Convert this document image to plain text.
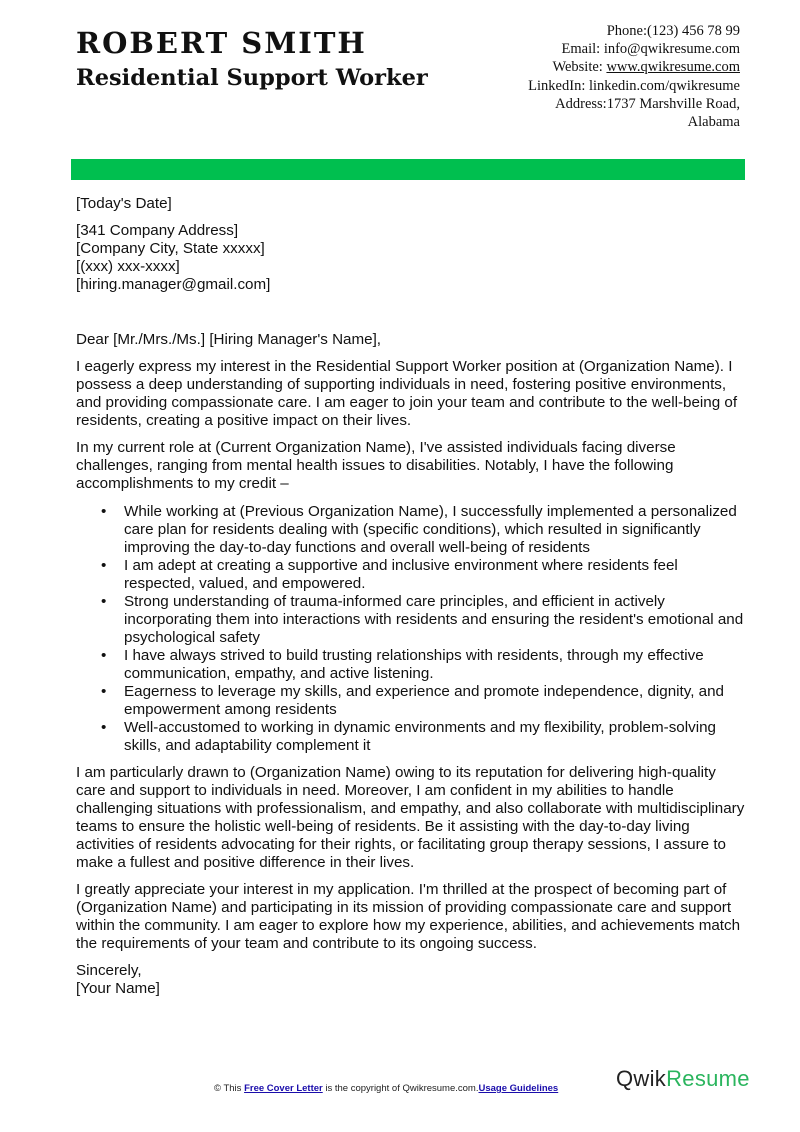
ROBERT SMITH
Residential Support Worker
Phone:(123) 456 78 99
Email: info@qwikresume.com
Website: www.qwikresume.com
LinkedIn: linkedin.com/qwikresume
Address:1737 Marshville Road,
Alabama

[Today's Date]

[341 Company Address]

[Company City, State xxxxx]

[(xxx) xxx-xxxx]

[hiring.manager@gmail.com]

Dear [Mr./Mrs./Ms.] [Hiring Manager's Name],

I eagerly express my interest in the Residential Support Worker position at (Organization Name). I possess a deep understanding of supporting individuals in need, fostering positive environments, and providing compassionate care. I am eager to join your team and contribute to the well-being of residents, creating a positive impact on their lives.

In my current role at (Current Organization Name), I've assisted individuals facing diverse challenges, ranging from mental health issues to disabilities. Notably, I have the following accomplishments to my credit –

• While working at (Previous Organization Name), I successfully implemented a personalized care plan for residents dealing with (specific conditions), which resulted in significantly improving the day-to-day functions and overall well-being of residents
• I am adept at creating a supportive and inclusive environment where residents feel respected, valued, and empowered.
• Strong understanding of trauma-informed care principles, and efficient in actively incorporating them into interactions with residents and ensuring the resident's emotional and psychological safety
• I have always strived to build trusting relationships with residents, through my effective communication, empathy, and active listening.
• Eagerness to leverage my skills, and experience and promote independence, dignity, and empowerment among residents
• Well-accustomed to working in dynamic environments and my flexibility, problem-solving skills, and adaptability complement it

I am particularly drawn to (Organization Name) owing to its reputation for delivering high-quality care and support to individuals in need. Moreover, I am confident in my abilities to handle challenging situations with professionalism, and empathy, and also collaborate with multidisciplinary teams to ensure the holistic well-being of residents. Be it assisting with the day-to-day living activities of residents advocating for their rights, or facilitating group therapy sessions, I assure to make a fullest and positive difference in their lives.

I greatly appreciate your interest in my application. I'm thrilled at the prospect of becoming part of (Organization Name) and participating in its mission of providing compassionate care and support within the community. I am eager to explore how my experience, abilities, and achievements match the requirements of your team and contribute to its ongoing success.

Sincerely,

[Your Name]

© This Free Cover Letter is the copyright of Qwikresume.com.Usage Guidelines	QwikResume
